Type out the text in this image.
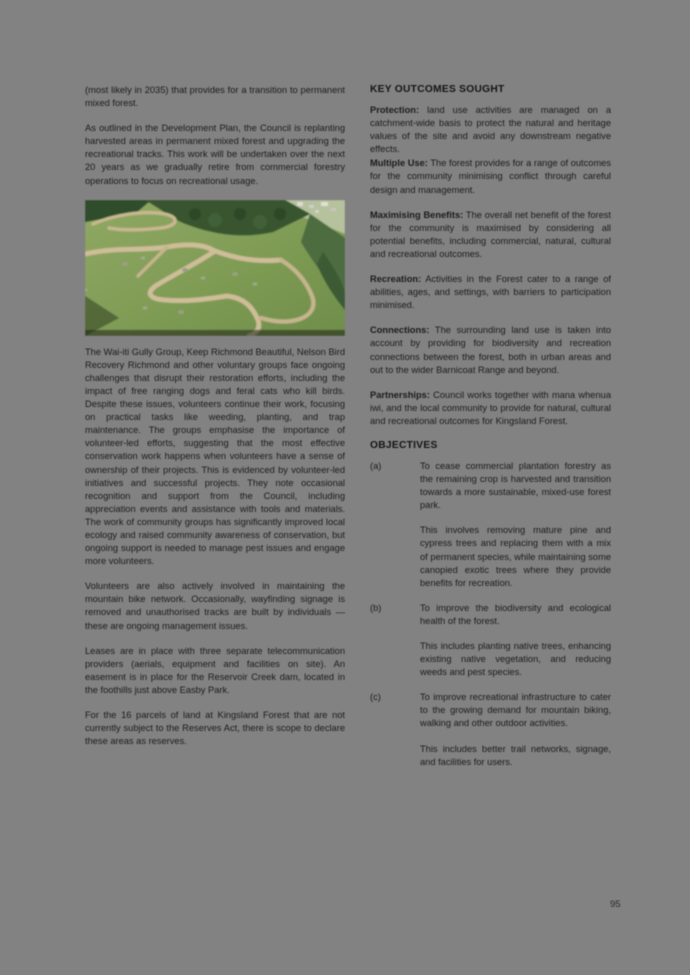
(most likely in 2035) that provides for a transition to permanent mixed forest.

As outlined in the Development Plan, the Council is replanting harvested areas in permanent mixed forest and upgrading the recreational tracks. This work will be undertaken over the next 20 years as we gradually retire from commercial forestry operations to focus on recreational usage.

The Wai-iti Gully Group, Keep Richmond Beautiful, Nelson Bird Recovery Richmond and other voluntary groups face ongoing challenges that disrupt their restoration efforts, including the impact of free ranging dogs and feral cats who kill birds. Despite these issues, volunteers continue their work, focusing on practical tasks like weeding, planting, and trap maintenance. The groups emphasise the importance of volunteer-led efforts, suggesting that the most effective conservation work happens when volunteers have a sense of ownership of their projects. This is evidenced by volunteer-led initiatives and successful projects. They note occasional recognition and support from the Council, including appreciation events and assistance with tools and materials. The work of community groups has significantly improved local ecology and raised community awareness of conservation, but ongoing support is needed to manage pest issues and engage more volunteers.

Volunteers are also actively involved in maintaining the mountain bike network. Occasionally, wayfinding signage is removed and unauthorised tracks are built by individuals — these are ongoing management issues.

Leases are in place with three separate telecommunication providers (aerials, equipment and facilities on site). An easement is in place for the Reservoir Creek dam, located in the foothills just above Easby Park.

For the 16 parcels of land at Kingsland Forest that are not currently subject to the Reserves Act, there is scope to declare these areas as reserves.

KEY OUTCOMES SOUGHT

Protection: land use activities are managed on a catchment-wide basis to protect the natural and heritage values of the site and avoid any downstream negative effects.

Multiple Use: The forest provides for a range of outcomes for the community minimising conflict through careful design and management.

Maximising Benefits: The overall net benefit of the forest for the community is maximised by considering all potential benefits, including commercial, natural, cultural and recreational outcomes.

Recreation: Activities in the Forest cater to a range of abilities, ages, and settings, with barriers to participation minimised.

Connections: The surrounding land use is taken into account by providing for biodiversity and recreation connections between the forest, both in urban areas and out to the wider Barnicoat Range and beyond.

Partnerships: Council works together with mana whenua iwi, and the local community to provide for natural, cultural and recreational outcomes for Kingsland Forest.

OBJECTIVES
(a)	To cease commercial plantation forestry as the remaining crop is harvested and transition towards a more sustainable, mixed-use forest park.

This involves removing mature pine and cypress trees and replacing them with a mix of permanent species, while maintaining some canopied exotic trees where they provide benefits for recreation.

(b)	To improve the biodiversity and ecological health of the forest.

This includes planting native trees, enhancing existing native vegetation, and reducing weeds and pest species.

(c)	To improve recreational infrastructure to cater to the growing demand for mountain biking, walking and other outdoor activities.

This includes better trail networks, signage, and facilities for users.

95
